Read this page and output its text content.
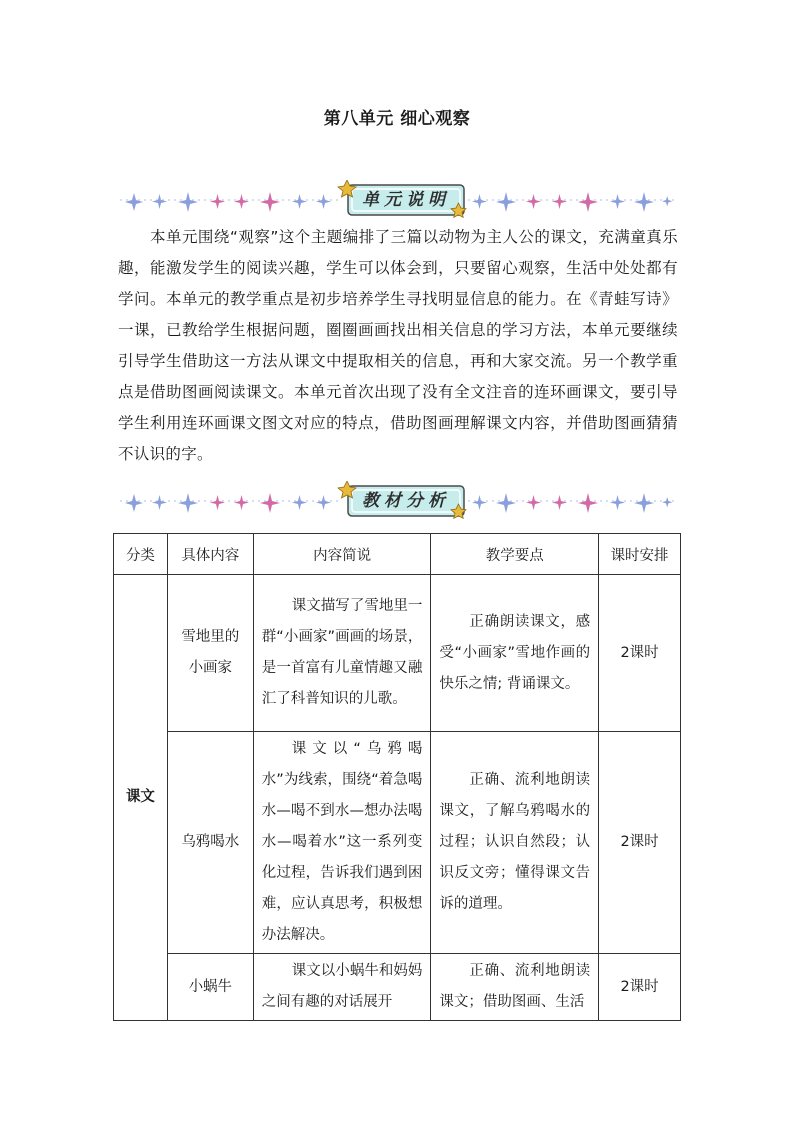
第八单元 细心观察
单元说明
本单元围绕“观察”这个主题编排了三篇以动物为主人公的课文，充满童真乐趣，能激发学生的阅读兴趣，学生可以体会到，只要留心观察，生活中处处都有学问。本单元的教学重点是初步培养学生寻找明显信息的能力。在《青蛙写诗》一课，已教给学生根据问题，圈圈画画找出相关信息的学习方法，本单元要继续引导学生借助这一方法从课文中提取相关的信息，再和大家交流。另一个教学重点是借助图画阅读课文。本单元首次出现了没有全文注音的连环画课文，要引导学生利用连环画课文图文对应的特点，借助图画理解课文内容，并借助图画猜猜不认识的字。
教材分析
分类	具体内容	内容简说	教学要点	课时安排
课文	雪地里的小画家	课文描写了雪地里一群“小画家”画画的场景，是一首富有儿童情趣又融汇了科普知识的儿歌。	正确朗读课文，感受“小画家”雪地作画的快乐之情; 背诵课文。	2课时
	乌鸦喝水	课文以“乌鸦喝水”为线索，围绕“着急喝水—喝不到水—想办法喝水—喝着水”这一系列变化过程，告诉我们遇到困难，应认真思考，积极想办法解决。	正确、流利地朗读课文，了解乌鸦喝水的过程；认识自然段；认识反文旁；懂得课文告诉的道理。	2课时
	小蜗牛	课文以小蜗牛和妈妈之间有趣的对话展开	正确、流利地朗读课文；借助图画、生活	2课时
